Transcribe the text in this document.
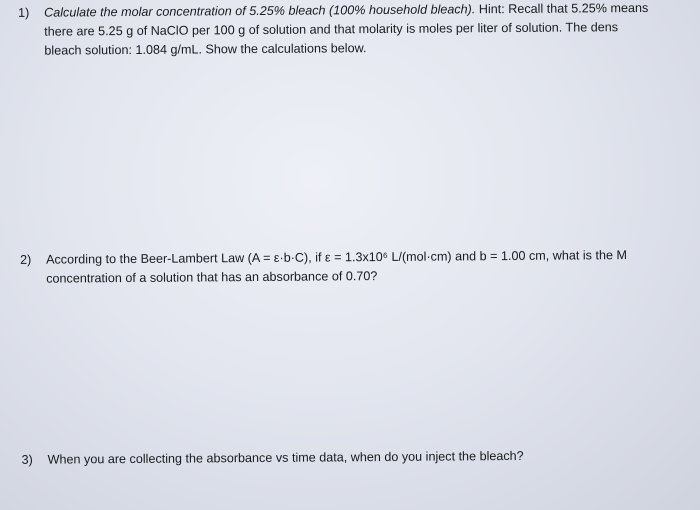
1)	Calculate the molar concentration of 5.25% bleach (100% household bleach). Hint: Recall that 5.25% means
there are 5.25 g of NaClO per 100 g of solution and that molarity is moles per liter of solution. The dens
bleach solution: 1.084 g/mL. Show the calculations below.
2)	According to the Beer-Lambert Law (A = ε·b·C), if ε = 1.3x10⁶ L/(mol·cm) and b = 1.00 cm, what is the M
concentration of a solution that has an absorbance of 0.70?
3)	When you are collecting the absorbance vs time data, when do you inject the bleach?
